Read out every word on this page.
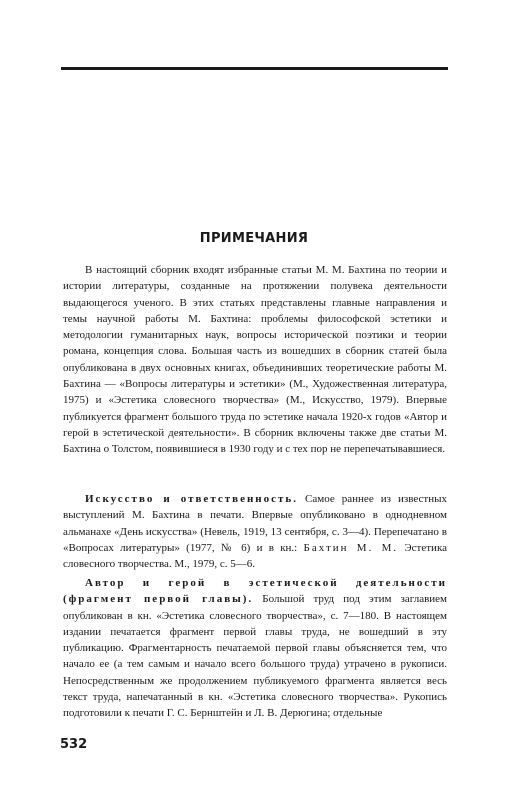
ПРИМЕЧАНИЯ

В настоящий сборник входят избранные статьи М. М. Бахтина по теории и истории литературы, созданные на протяжении полувека деятельности выдающегося ученого. В этих статьях представлены главные направления и темы научной работы М. Бахтина: проблемы философской эстетики и методологии гуманитарных наук, вопросы исторической поэтики и теории романа, концепция слова. Большая часть из вошедших в сборник статей была опубликована в двух основных книгах, объединивших теоретические работы М. Бахтина — «Вопросы литературы и эстетики» (М., Художественная литература, 1975) и «Эстетика словесного творчества» (М., Искусство, 1979). Впервые публикуется фрагмент большого труда по эстетике начала 1920-х годов «Автор и герой в эстетической деятельности». В сборник включены также две статьи М. Бахтина о Толстом, появившиеся в 1930 году и с тех пор не перепечатывавшиеся.

Искусство и ответственность. Самое раннее из известных выступлений М. Бахтина в печати. Впервые опубликовано в однодневном альманахе «День искусства» (Невель, 1919, 13 сентября, с. 3—4). Перепечатано в «Вопросах литературы» (1977, № 6) и в кн.: Бахтин М. М. Эстетика словесного творчества. М., 1979, с. 5—6.

Автор и герой в эстетической деятельности (фрагмент первой главы). Большой труд под этим заглавием опубликован в кн. «Эстетика словесного творчества», с. 7—180. В настоящем издании печатается фрагмент первой главы труда, не вошедший в эту публикацию. Фрагментарность печатаемой первой главы объясняется тем, что начало ее (а тем самым и начало всего большого труда) утрачено в рукописи. Непосредственным же продолжением публикуемого фрагмента является весь текст труда, напечатанный в кн. «Эстетика словесного творчества». Рукопись подготовили к печати Г. С. Бернштейн и Л. В. Дерюгина; отдельные

532
